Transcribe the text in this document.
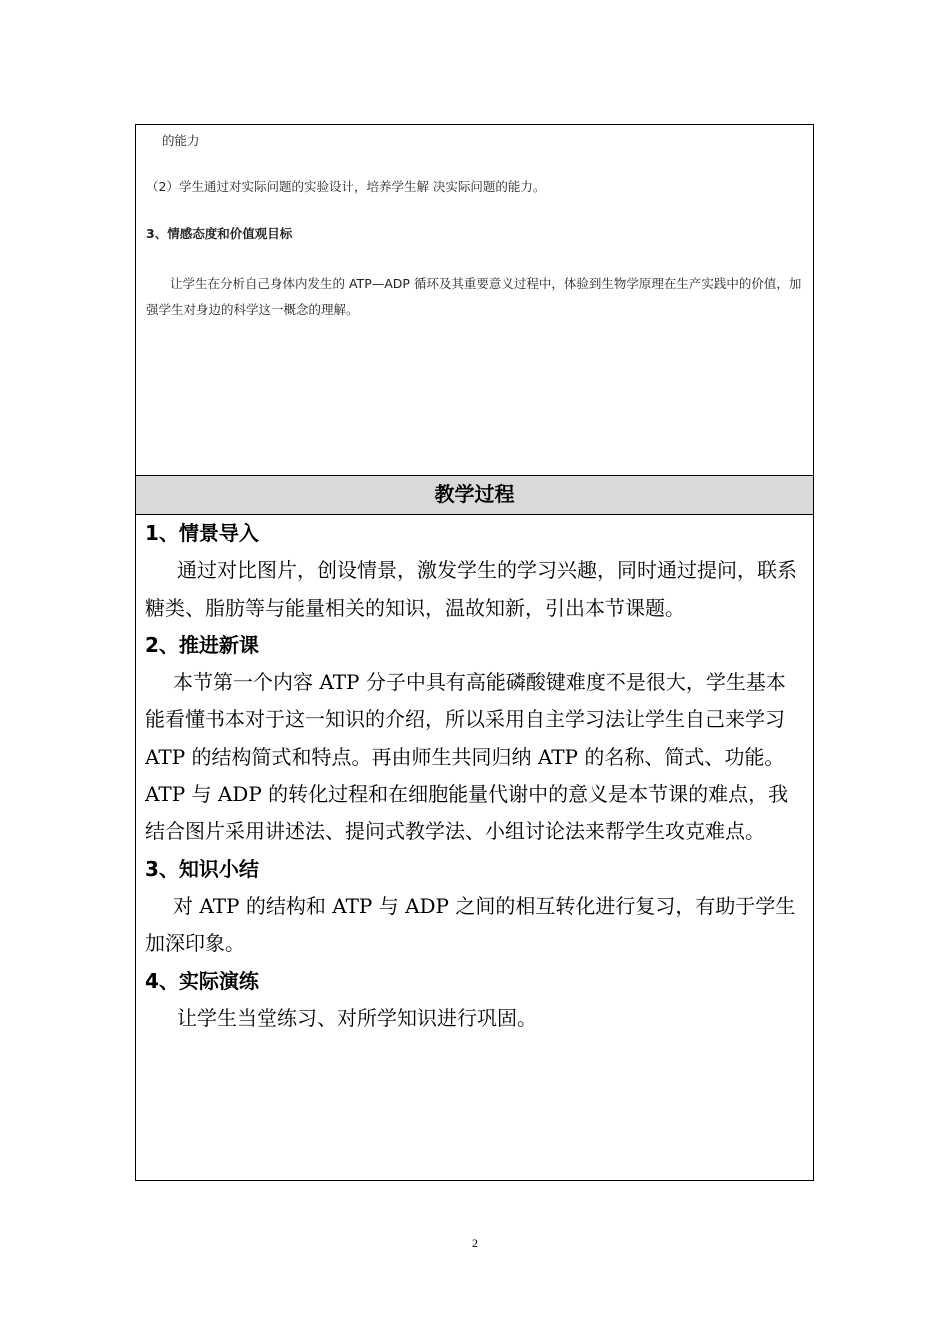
的能力

（2）学生通过对实际问题的实验设计，培养学生解 决实际问题的能力。

3、情感态度和价值观目标

让学生在分析自己身体内发生的 ATP—ADP 循环及其重要意义过程中，体验到生物学原理在生产实践中的价值，加强学生对身边的科学这一概念的理解。

教学过程

1、情景导入

通过对比图片，创设情景，激发学生的学习兴趣，同时通过提问，联系糖类、脂肪等与能量相关的知识，温故知新，引出本节课题。

2、推进新课

本节第一个内容 ATP 分子中具有高能磷酸键难度不是很大，学生基本能看懂书本对于这一知识的介绍，所以采用自主学习法让学生自己来学习 ATP 的结构简式和特点。再由师生共同归纳 ATP 的名称、简式、功能。ATP 与 ADP 的转化过程和在细胞能量代谢中的意义是本节课的难点，我结合图片采用讲述法、提问式教学法、小组讨论法来帮学生攻克难点。

3、知识小结

对 ATP 的结构和 ATP 与 ADP 之间的相互转化进行复习，有助于学生加深印象。

4、实际演练

让学生当堂练习、对所学知识进行巩固。

2
